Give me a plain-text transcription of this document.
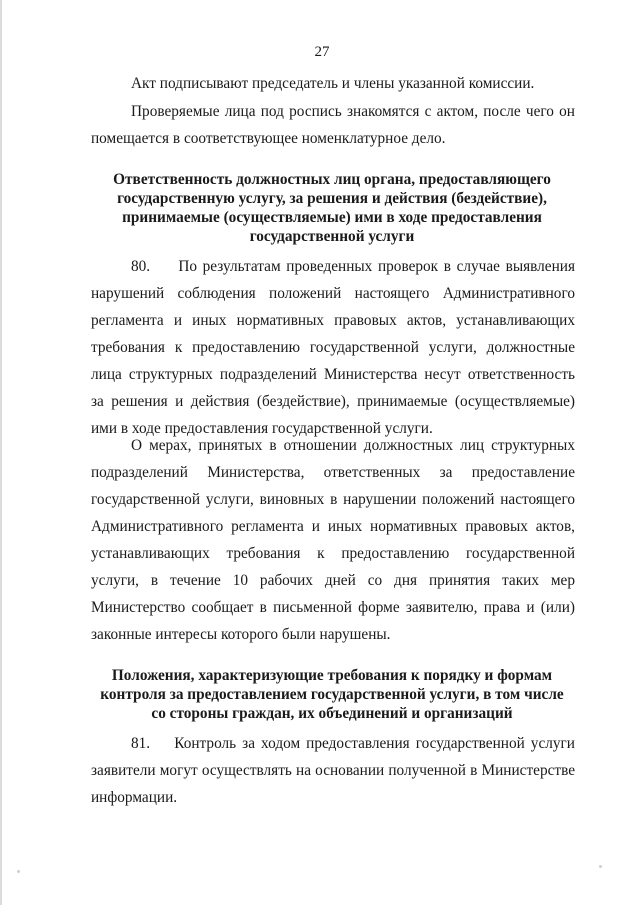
27

Акт подписывают председатель и члены указанной комиссии.

Проверяемые лица под роспись знакомятся с актом, после чего он помещается в соответствующее номенклатурное дело.

Ответственность должностных лиц органа, предоставляющего государственную услугу, за решения и действия (бездействие), принимаемые (осуществляемые) ими в ходе предоставления государственной услуги

80.     По результатам проведенных проверок в случае выявления нарушений соблюдения положений настоящего Административного регламента и иных нормативных правовых актов, устанавливающих требования к предоставлению государственной услуги, должностные лица структурных подразделений Министерства несут ответственность за решения и действия (бездействие), принимаемые (осуществляемые) ими в ходе предоставления государственной услуги.

О мерах, принятых в отношении должностных лиц структурных подразделений Министерства, ответственных за предоставление государственной услуги, виновных в нарушении положений настоящего Административного регламента и иных нормативных правовых актов, устанавливающих требования к предоставлению государственной услуги, в течение 10 рабочих дней со дня принятия таких мер Министерство сообщает в письменной форме заявителю, права и (или) законные интересы которого были нарушены.

Положения, характеризующие требования к порядку и формам контроля за предоставлением государственной услуги, в том числе со стороны граждан, их объединений и организаций

81.    Контроль за ходом предоставления государственной услуги заявители могут осуществлять на основании полученной в Министерстве информации.
